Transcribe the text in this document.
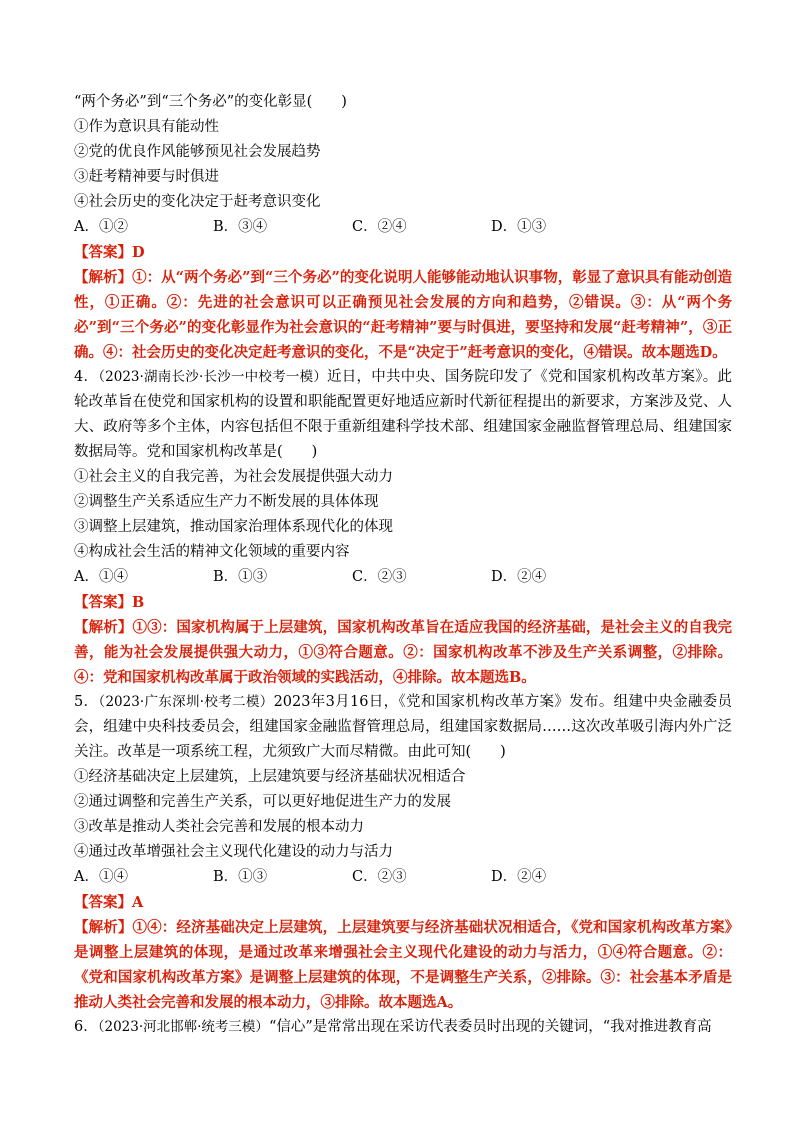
“两个务必”到“三个务必”的变化彰显(　　)
①作为意识具有能动性
②党的优良作风能够预见社会发展趋势
③赶考精神要与时俱进
④社会历史的变化决定于赶考意识变化
A．①②	B．③④	C．②④	D．①③
【答案】D
【解析】①：从“两个务必”到“三个务必”的变化说明人能够能动地认识事物，彰显了意识具有能动创造性，①正确。②：先进的社会意识可以正确预见社会发展的方向和趋势，②错误。③：从“两个务必”到“三个务必”的变化彰显作为社会意识的“赶考精神”要与时俱进，要坚持和发展“赶考精神”，③正确。④：社会历史的变化决定赶考意识的变化，不是“决定于”赶考意识的变化，④错误。故本题选D。
4．（2023·湖南长沙·长沙一中校考一模）近日，中共中央、国务院印发了《党和国家机构改革方案》。此轮改革旨在使党和国家机构的设置和职能配置更好地适应新时代新征程提出的新要求，方案涉及党、人大、政府等多个主体，内容包括但不限于重新组建科学技术部、组建国家金融监督管理总局、组建国家数据局等。党和国家机构改革是(　　)
①社会主义的自我完善，为社会发展提供强大动力
②调整生产关系适应生产力不断发展的具体体现
③调整上层建筑，推动国家治理体系现代化的体现
④构成社会生活的精神文化领域的重要内容
A．①④	B．①③	C．②③	D．②④
【答案】B
【解析】①③：国家机构属于上层建筑，国家机构改革旨在适应我国的经济基础，是社会主义的自我完善，能为社会发展提供强大动力，①③符合题意。②：国家机构改革不涉及生产关系调整，②排除。④：党和国家机构改革属于政治领域的实践活动，④排除。故本题选B。
5．（2023·广东深圳·校考二模）2023年3月16日，《党和国家机构改革方案》发布。组建中央金融委员会，组建中央科技委员会，组建国家金融监督管理总局，组建国家数据局……这次改革吸引海内外广泛关注。改革是一项系统工程，尤须致广大而尽精微。由此可知(　　)
①经济基础决定上层建筑，上层建筑要与经济基础状况相适合
②通过调整和完善生产关系，可以更好地促进生产力的发展
③改革是推动人类社会完善和发展的根本动力
④通过改革增强社会主义现代化建设的动力与活力
A．①④	B．①③	C．②③	D．②④
【答案】A
【解析】①④：经济基础决定上层建筑，上层建筑要与经济基础状况相适合，《党和国家机构改革方案》是调整上层建筑的体现，是通过改革来增强社会主义现代化建设的动力与活力，①④符合题意。②：《党和国家机构改革方案》是调整上层建筑的体现，不是调整生产关系，②排除。③：社会基本矛盾是推动人类社会完善和发展的根本动力，③排除。故本题选A。
6．（2023·河北邯郸·统考三模）“信心”是常常出现在采访代表委员时出现的关键词，“我对推进教育高
